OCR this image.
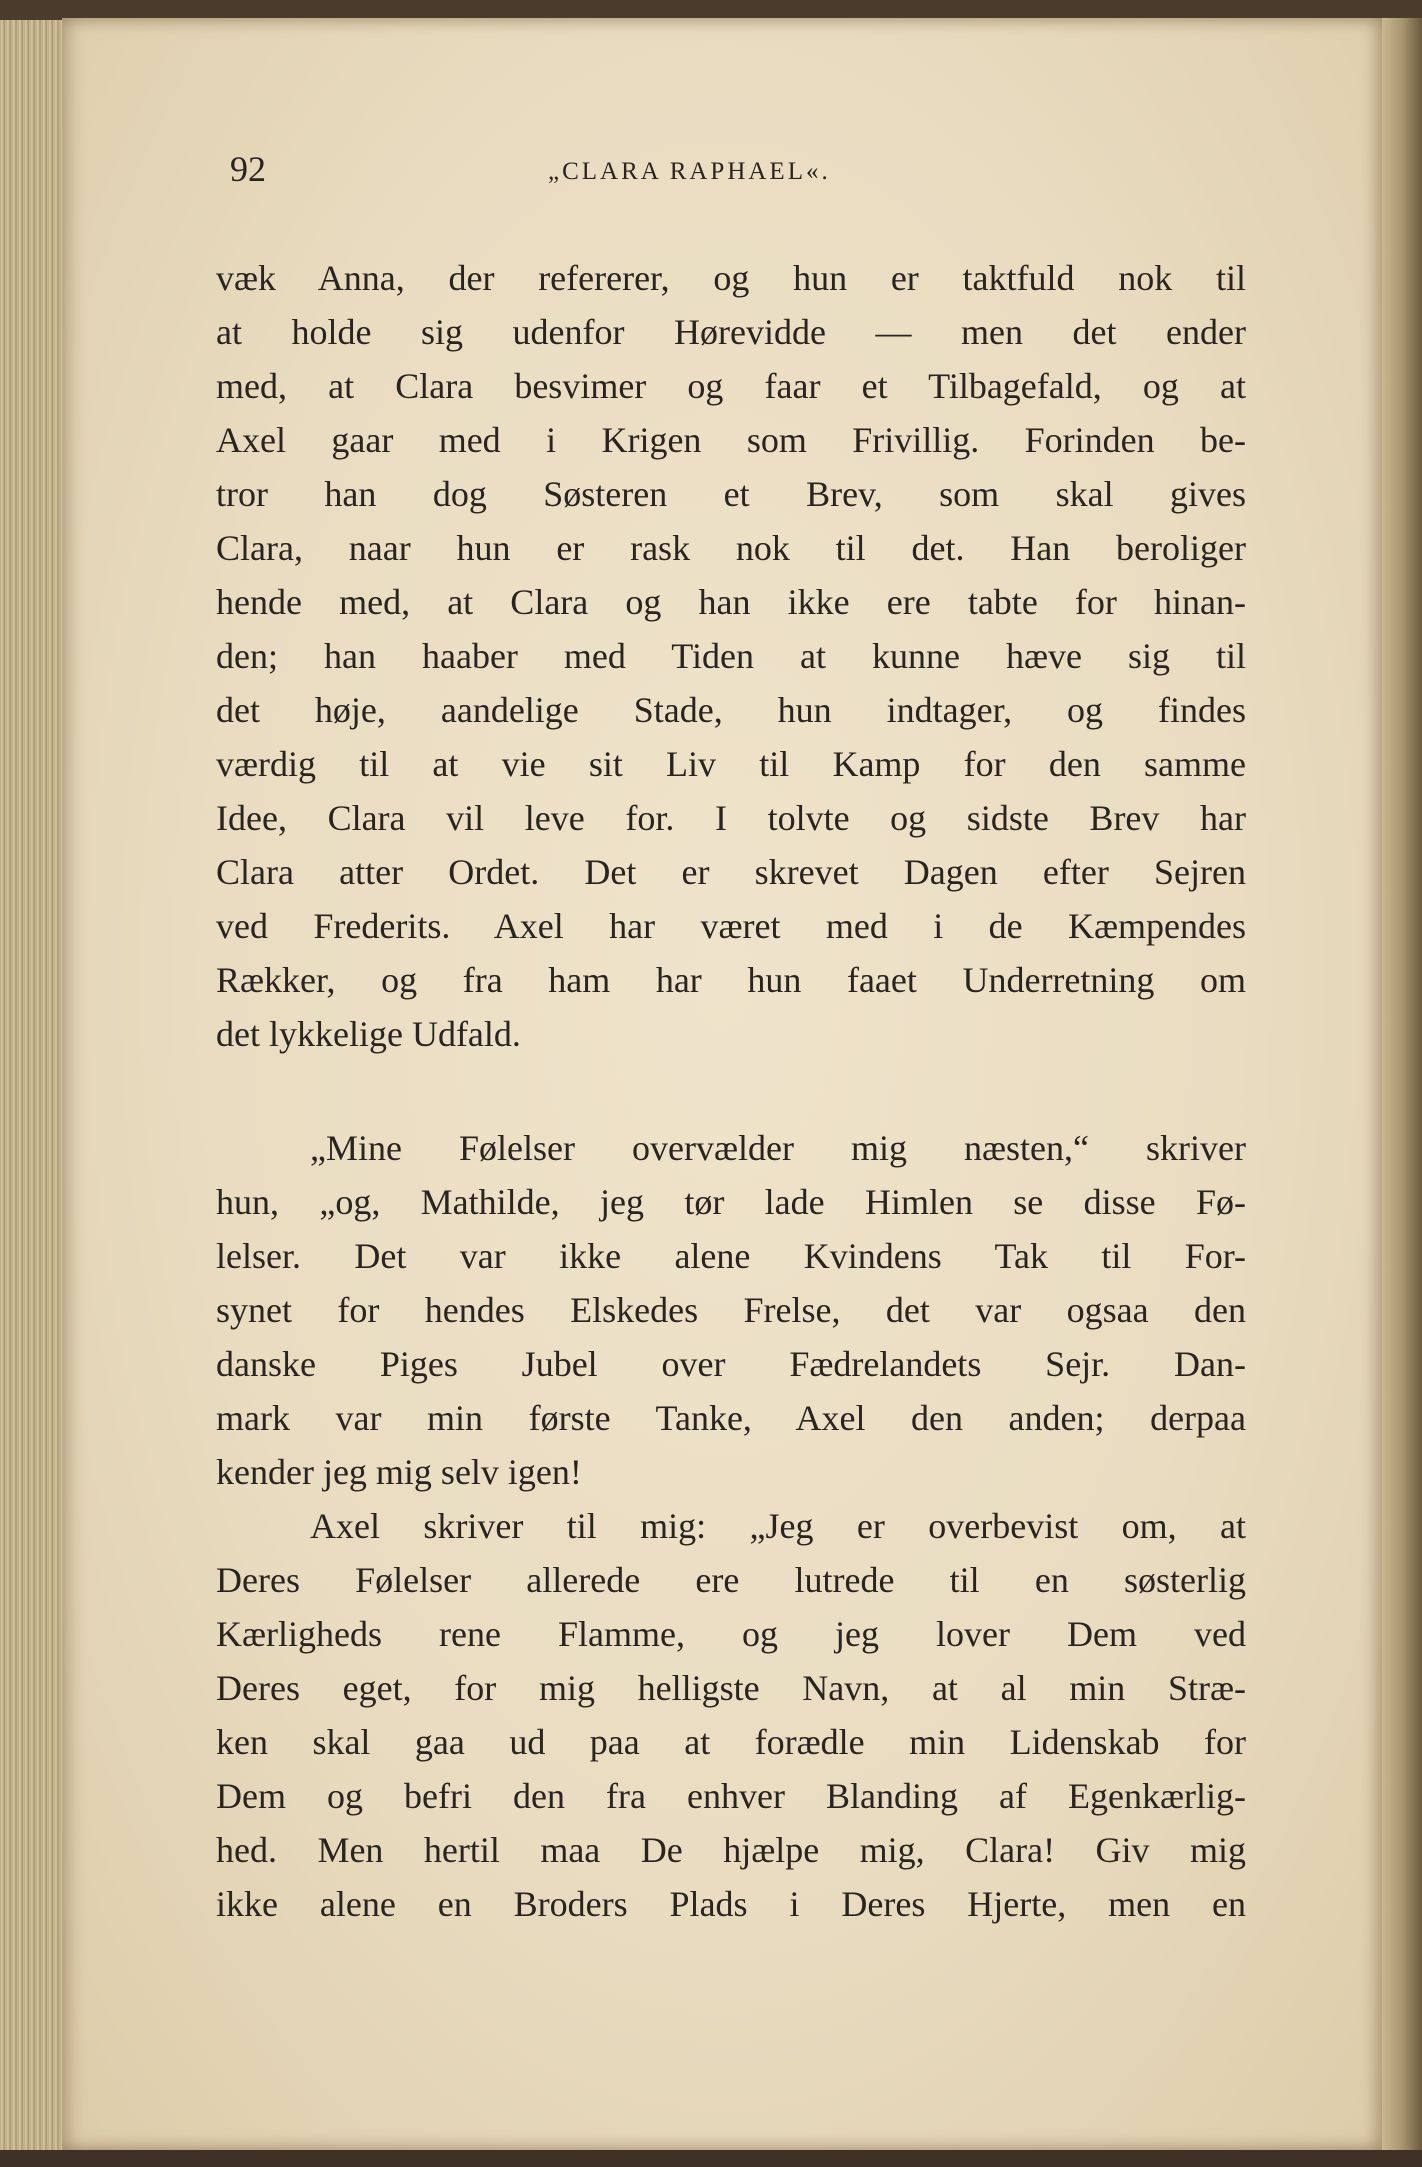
92	„CLARA RAPHAEL«.
væk Anna, der refererer, og hun er taktfuld nok til
at holde sig udenfor Hørevidde — men det ender
med, at Clara besvimer og faar et Tilbagefald, og at
Axel gaar med i Krigen som Frivillig. Forinden be-
tror han dog Søsteren et Brev, som skal gives
Clara, naar hun er rask nok til det. Han beroliger
hende med, at Clara og han ikke ere tabte for hinan-
den; han haaber med Tiden at kunne hæve sig til
det høje, aandelige Stade, hun indtager, og findes
værdig til at vie sit Liv til Kamp for den samme
Idee, Clara vil leve for. I tolvte og sidste Brev har
Clara atter Ordet. Det er skrevet Dagen efter Sejren
ved Frederits. Axel har været med i de Kæmpendes
Rækker, og fra ham har hun faaet Underretning om
det lykkelige Udfald.
„Mine Følelser overvælder mig næsten,“ skriver
hun, „og, Mathilde, jeg tør lade Himlen se disse Fø-
lelser. Det var ikke alene Kvindens Tak til For-
synet for hendes Elskedes Frelse, det var ogsaa den
danske Piges Jubel over Fædrelandets Sejr. Dan-
mark var min første Tanke, Axel den anden; derpaa
kender jeg mig selv igen!
Axel skriver til mig: „Jeg er overbevist om, at
Deres Følelser allerede ere lutrede til en søsterlig
Kærligheds rene Flamme, og jeg lover Dem ved
Deres eget, for mig helligste Navn, at al min Stræ-
ken skal gaa ud paa at forædle min Lidenskab for
Dem og befri den fra enhver Blanding af Egenkærlig-
hed. Men hertil maa De hjælpe mig, Clara! Giv mig
ikke alene en Broders Plads i Deres Hjerte, men en
